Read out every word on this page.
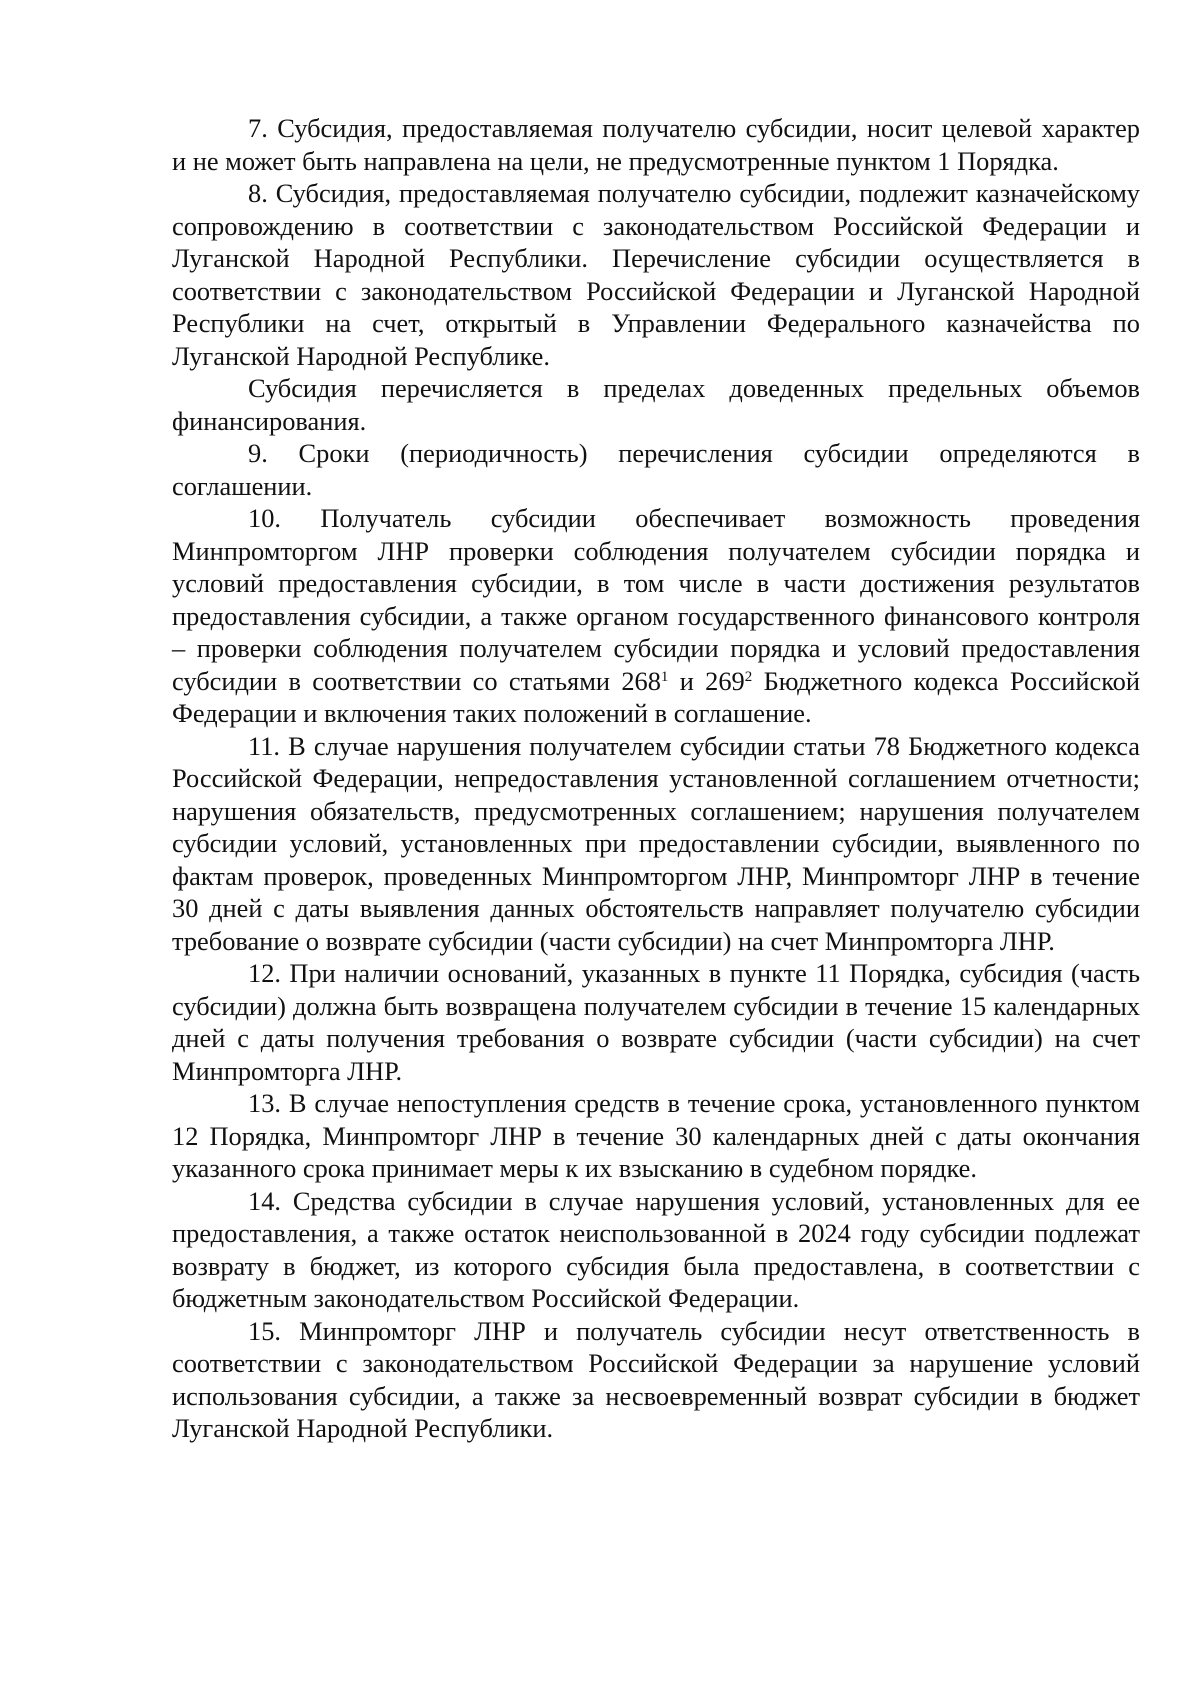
7. Субсидия, предоставляемая получателю субсидии, носит целевой характер и не может быть направлена на цели, не предусмотренные пунктом 1 Порядка.

8. Субсидия, предоставляемая получателю субсидии, подлежит казначейскому сопровождению в соответствии с законодательством Российской Федерации и Луганской Народной Республики. Перечисление субсидии осуществляется в соответствии с законодательством Российской Федерации и Луганской Народной Республики на счет, открытый в Управлении Федерального казначейства по Луганской Народной Республике.

Субсидия перечисляется в пределах доведенных предельных объемов финансирования.

9. Сроки (периодичность) перечисления субсидии определяются в соглашении.

10. Получатель субсидии обеспечивает возможность проведения Минпромторгом ЛНР проверки соблюдения получателем субсидии порядка и условий предоставления субсидии, в том числе в части достижения результатов предоставления субсидии, а также органом государственного финансового контроля – проверки соблюдения получателем субсидии порядка и условий предоставления субсидии в соответствии со статьями $268^1$ и $269^2$ Бюджетного кодекса Российской Федерации и включения таких положений в соглашение.

11. В случае нарушения получателем субсидии статьи 78 Бюджетного кодекса Российской Федерации, непредоставления установленной соглашением отчетности; нарушения обязательств, предусмотренных соглашением; нарушения получателем субсидии условий, установленных при предоставлении субсидии, выявленного по фактам проверок, проведенных Минпромторгом ЛНР, Минпромторг ЛНР в течение 30 дней с даты выявления данных обстоятельств направляет получателю субсидии требование о возврате субсидии (части субсидии) на счет Минпромторга ЛНР.

12. При наличии оснований, указанных в пункте 11 Порядка, субсидия (часть субсидии) должна быть возвращена получателем субсидии в течение 15 календарных дней с даты получения требования о возврате субсидии (части субсидии) на счет Минпромторга ЛНР.

13. В случае непоступления средств в течение срока, установленного пунктом 12 Порядка, Минпромторг ЛНР в течение 30 календарных дней с даты окончания указанного срока принимает меры к их взысканию в судебном порядке.

14. Средства субсидии в случае нарушения условий, установленных для ее предоставления, а также остаток неиспользованной в 2024 году субсидии подлежат возврату в бюджет, из которого субсидия была предоставлена, в соответствии с бюджетным законодательством Российской Федерации.

15. Минпромторг ЛНР и получатель субсидии несут ответственность в соответствии с законодательством Российской Федерации за нарушение условий использования субсидии, а также за несвоевременный возврат субсидии в бюджет Луганской Народной Республики.
